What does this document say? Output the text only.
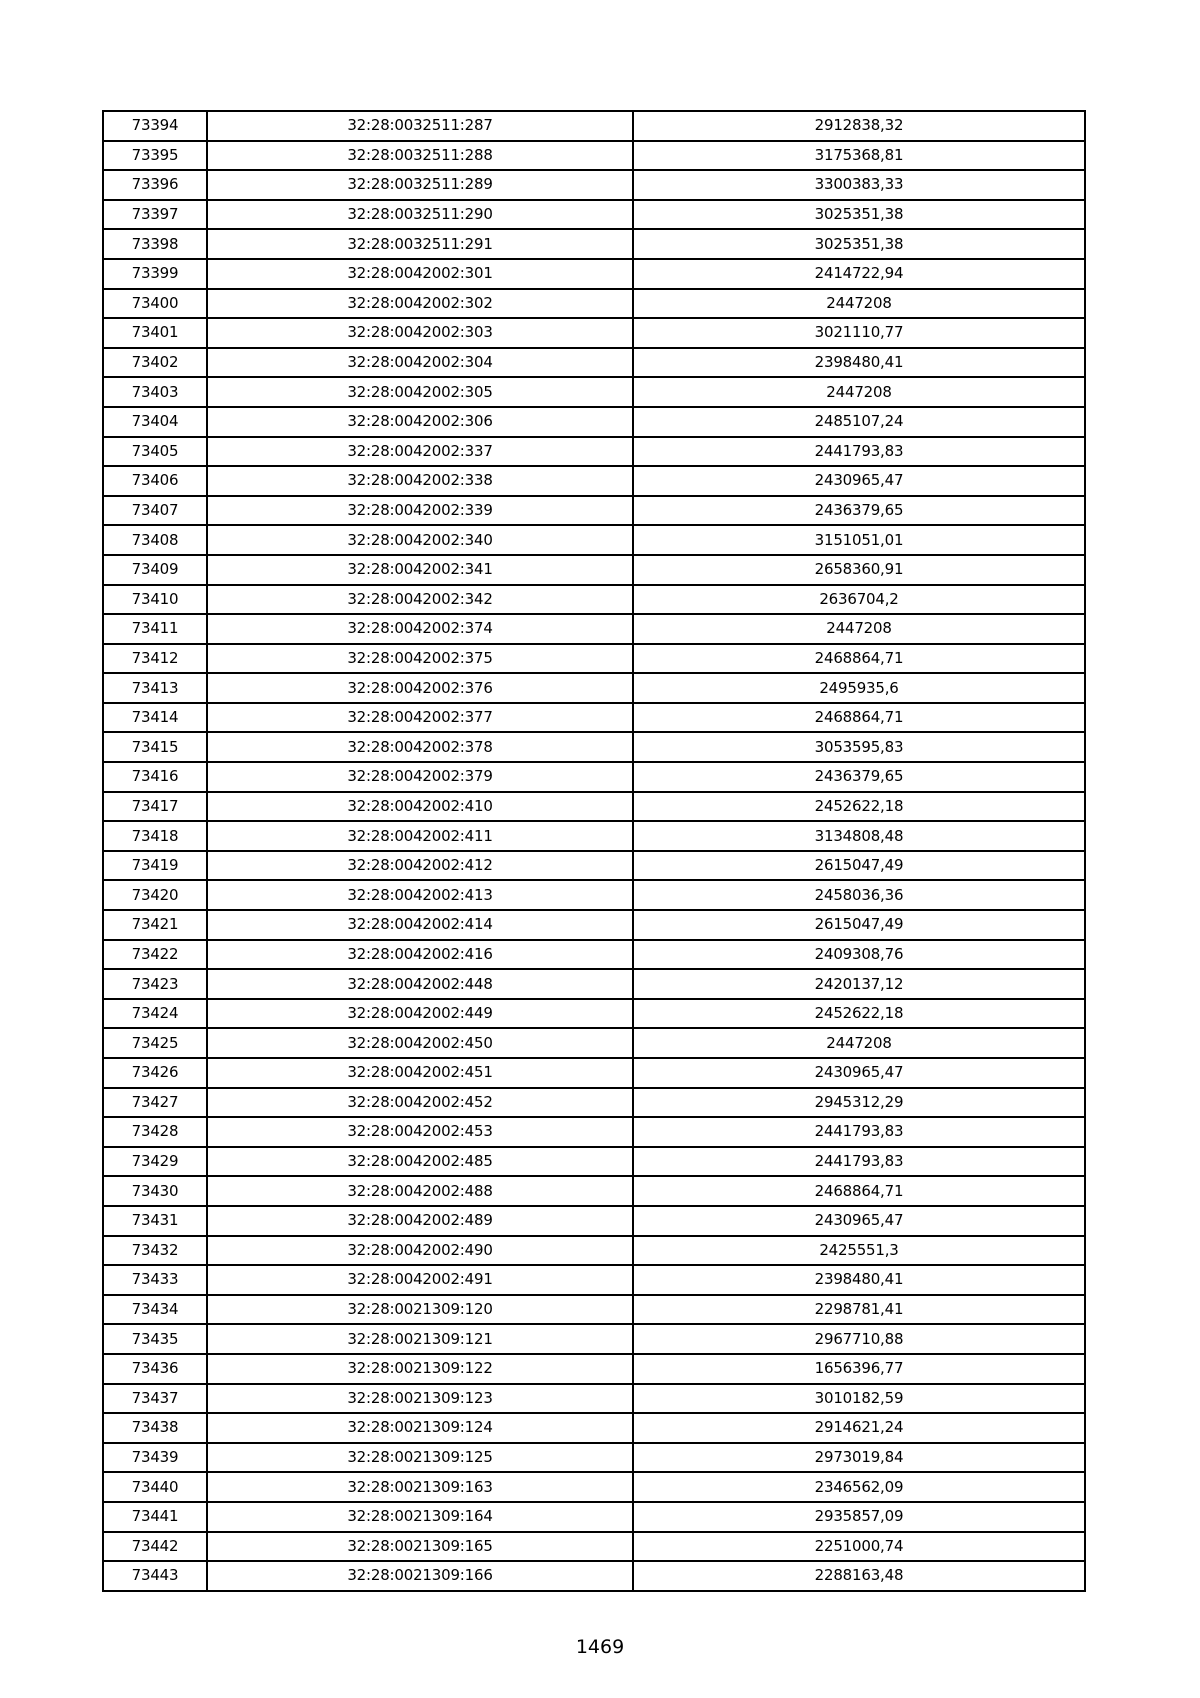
73394	32:28:0032511:287	2912838,32
73395	32:28:0032511:288	3175368,81
73396	32:28:0032511:289	3300383,33
73397	32:28:0032511:290	3025351,38
73398	32:28:0032511:291	3025351,38
73399	32:28:0042002:301	2414722,94
73400	32:28:0042002:302	2447208
73401	32:28:0042002:303	3021110,77
73402	32:28:0042002:304	2398480,41
73403	32:28:0042002:305	2447208
73404	32:28:0042002:306	2485107,24
73405	32:28:0042002:337	2441793,83
73406	32:28:0042002:338	2430965,47
73407	32:28:0042002:339	2436379,65
73408	32:28:0042002:340	3151051,01
73409	32:28:0042002:341	2658360,91
73410	32:28:0042002:342	2636704,2
73411	32:28:0042002:374	2447208
73412	32:28:0042002:375	2468864,71
73413	32:28:0042002:376	2495935,6
73414	32:28:0042002:377	2468864,71
73415	32:28:0042002:378	3053595,83
73416	32:28:0042002:379	2436379,65
73417	32:28:0042002:410	2452622,18
73418	32:28:0042002:411	3134808,48
73419	32:28:0042002:412	2615047,49
73420	32:28:0042002:413	2458036,36
73421	32:28:0042002:414	2615047,49
73422	32:28:0042002:416	2409308,76
73423	32:28:0042002:448	2420137,12
73424	32:28:0042002:449	2452622,18
73425	32:28:0042002:450	2447208
73426	32:28:0042002:451	2430965,47
73427	32:28:0042002:452	2945312,29
73428	32:28:0042002:453	2441793,83
73429	32:28:0042002:485	2441793,83
73430	32:28:0042002:488	2468864,71
73431	32:28:0042002:489	2430965,47
73432	32:28:0042002:490	2425551,3
73433	32:28:0042002:491	2398480,41
73434	32:28:0021309:120	2298781,41
73435	32:28:0021309:121	2967710,88
73436	32:28:0021309:122	1656396,77
73437	32:28:0021309:123	3010182,59
73438	32:28:0021309:124	2914621,24
73439	32:28:0021309:125	2973019,84
73440	32:28:0021309:163	2346562,09
73441	32:28:0021309:164	2935857,09
73442	32:28:0021309:165	2251000,74
73443	32:28:0021309:166	2288163,48
1469
